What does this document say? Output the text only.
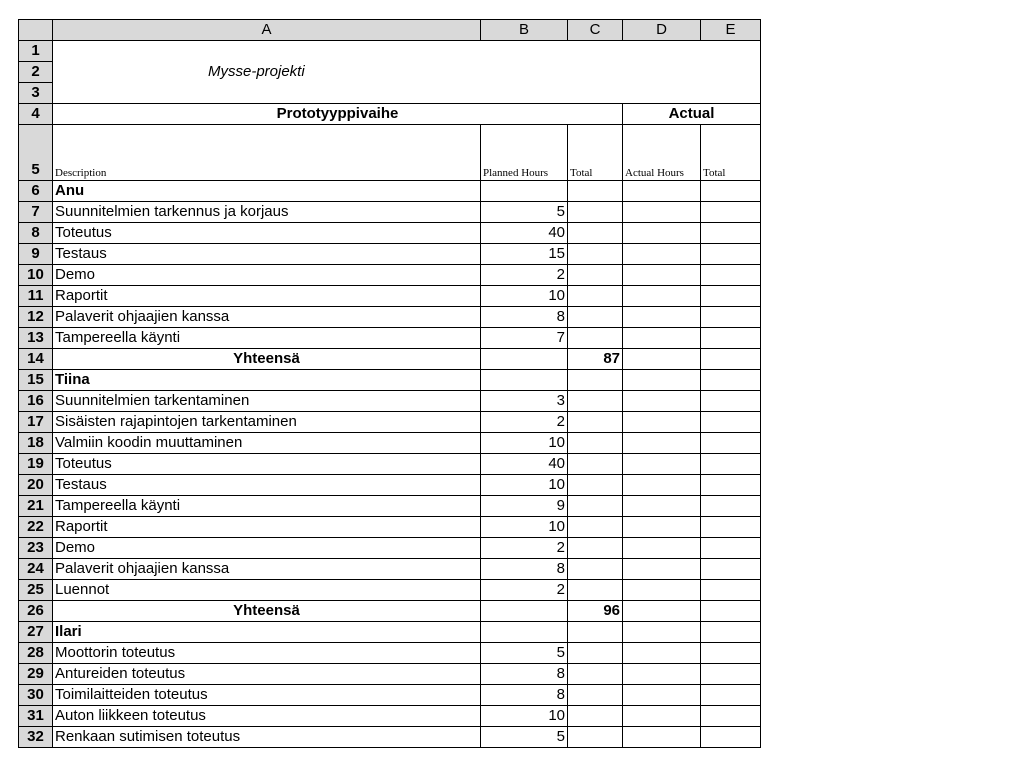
	A	B	C	D	E
1					
2	Mysse-projekti				

3					
4	Prototyyppivaihe			Actual	
5	Description	Planned Hours	Total	Actual Hours	Total
6	Anu				
7	Suunnitelmien tarkennus ja korjaus	5			
8	Toteutus	40			
9	Testaus	15			
10	Demo	2			
11	Raportit	10			
12	Palaverit ohjaajien kanssa	8			
13	Tampereella käynti	7			
14	Yhteensä		87		
15	Tiina				
16	Suunnitelmien tarkentaminen	3			
17	Sisäisten rajapintojen tarkentaminen	2			
18	Valmiin koodin muuttaminen	10			
19	Toteutus	40			
20	Testaus	10			
21	Tampereella käynti	9			
22	Raportit	10			
23	Demo	2			
24	Palaverit ohjaajien kanssa	8			
25	Luennot	2			
26	Yhteensä		96		
27	Ilari				
28	Moottorin toteutus	5			
29	Antureiden toteutus	8			
30	Toimilaitteiden toteutus	8			
31	Auton liikkeen toteutus	10			
32	Renkaan sutimisen toteutus	5			
